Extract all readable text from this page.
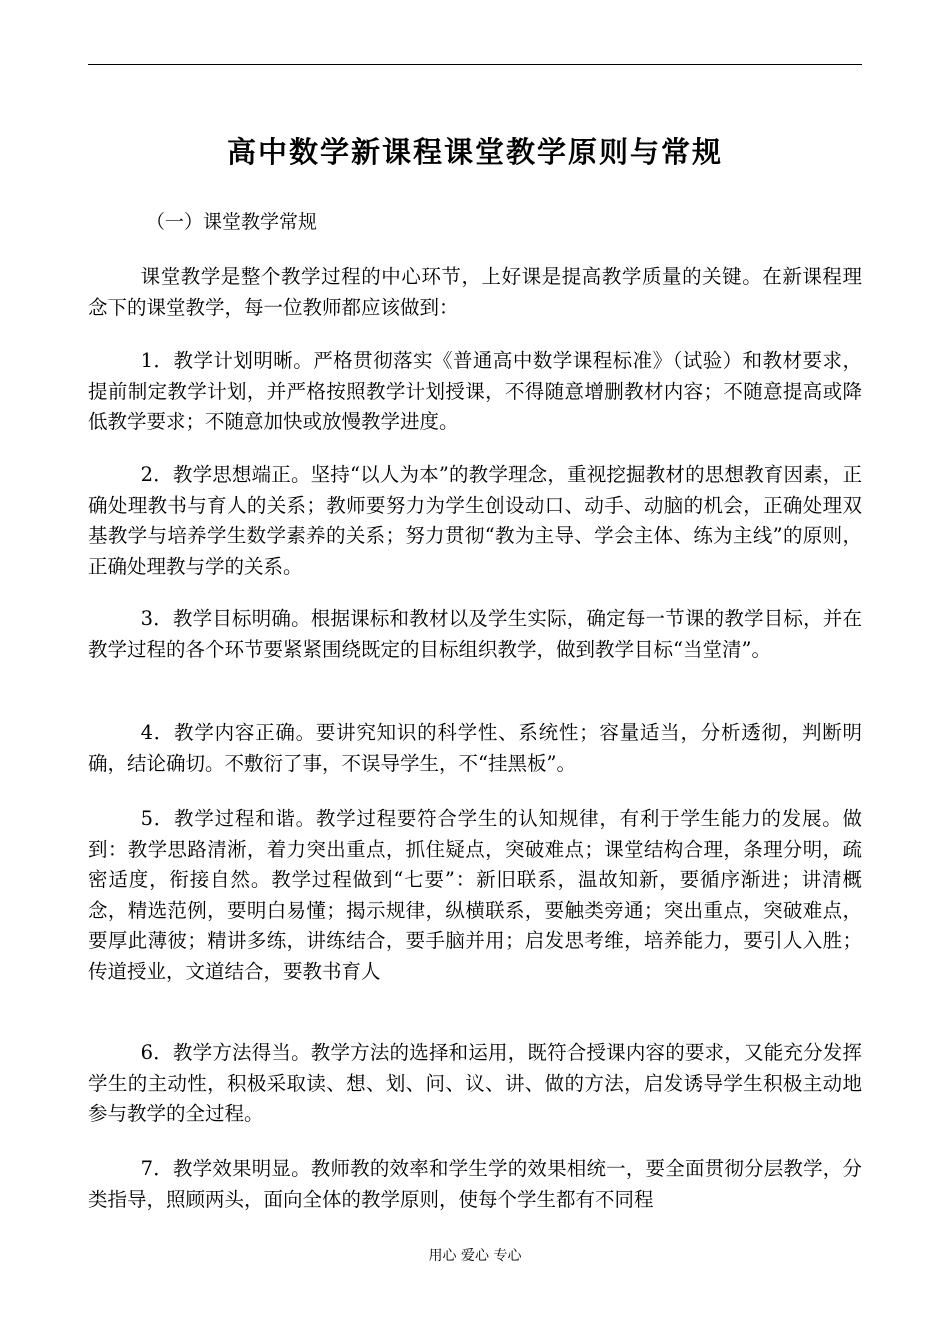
高中数学新课程课堂教学原则与常规
（一）课堂教学常规

课堂教学是整个教学过程的中心环节，上好课是提高教学质量的关键。在新课程理念下的课堂教学，每一位教师都应该做到：

1．教学计划明晰。严格贯彻落实《普通高中数学课程标准》（试验）和教材要求，提前制定教学计划，并严格按照教学计划授课，不得随意增删教材内容；不随意提高或降低教学要求；不随意加快或放慢教学进度。

2．教学思想端正。坚持“以人为本”的教学理念，重视挖掘教材的思想教育因素，正确处理教书与育人的关系；教师要努力为学生创设动口、动手、动脑的机会，正确处理双基教学与培养学生数学素养的关系；努力贯彻“教为主导、学会主体、练为主线”的原则，正确处理教与学的关系。

3．教学目标明确。根据课标和教材以及学生实际，确定每一节课的教学目标，并在教学过程的各个环节要紧紧围绕既定的目标组织教学，做到教学目标“当堂清”。

4．教学内容正确。要讲究知识的科学性、系统性；容量适当，分析透彻，判断明确，结论确切。不敷衍了事，不误导学生，不“挂黑板”。

5．教学过程和谐。教学过程要符合学生的认知规律，有利于学生能力的发展。做到：教学思路清淅，着力突出重点，抓住疑点，突破难点；课堂结构合理，条理分明，疏密适度，衔接自然。教学过程做到“七要”：新旧联系，温故知新，要循序渐进；讲清概念，精选范例，要明白易懂；揭示规律，纵横联系，要触类旁通；突出重点，突破难点，要厚此薄彼；精讲多练，讲练结合，要手脑并用；启发思考维，培养能力，要引人入胜；传道授业，文道结合，要教书育人

6．教学方法得当。教学方法的选择和运用，既符合授课内容的要求，又能充分发挥学生的主动性，积极采取读、想、划、问、议、讲、做的方法，启发诱导学生积极主动地参与教学的全过程。

7．教学效果明显。教师教的效率和学生学的效果相统一，要全面贯彻分层教学，分类指导，照顾两头，面向全体的教学原则，使每个学生都有不同程

用心 爱心 专心
